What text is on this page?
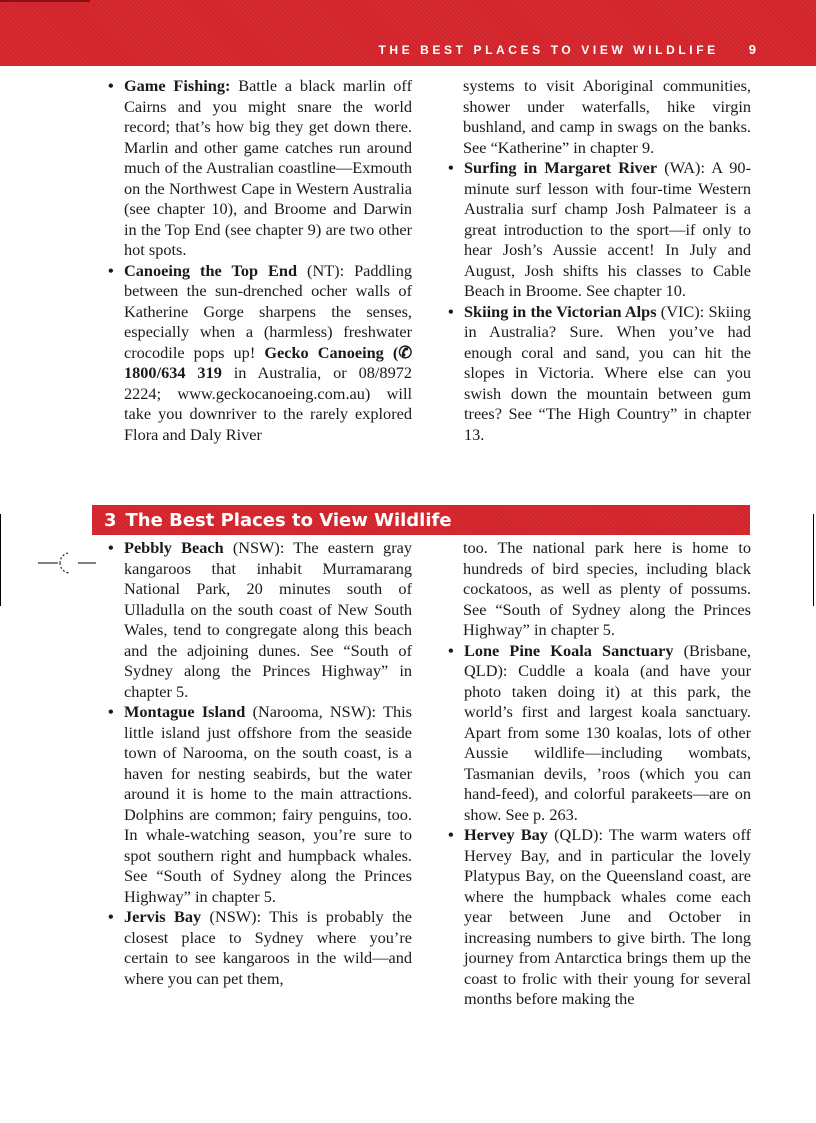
THE BEST PLACES TO VIEW WILDLIFE 9
• Game Fishing: Battle a black marlin off Cairns and you might snare the world record; that’s how big they get down there. Marlin and other game catches run around much of the Australian coastline—Exmouth on the Northwest Cape in Western Australia (see chapter 10), and Broome and Darwin in the Top End (see chapter 9) are two other hot spots.
• Canoeing the Top End (NT): Paddling between the sun-drenched ocher walls of Katherine Gorge sharpens the senses, especially when a (harmless) freshwater crocodile pops up! Gecko Canoeing (✆ 1800/634 319 in Australia, or 08/8972 2224; www.geckocanoeing.com.au) will take you downriver to the rarely explored Flora and Daly River
systems to visit Aboriginal communities, shower under waterfalls, hike virgin bushland, and camp in swags on the banks. See “Katherine” in chapter 9.
• Surfing in Margaret River (WA): A 90-minute surf lesson with four-time Western Australia surf champ Josh Palmateer is a great introduction to the sport—if only to hear Josh’s Aussie accent! In July and August, Josh shifts his classes to Cable Beach in Broome. See chapter 10.
• Skiing in the Victorian Alps (VIC): Skiing in Australia? Sure. When you’ve had enough coral and sand, you can hit the slopes in Victoria. Where else can you swish down the mountain between gum trees? See “The High Country” in chapter 13.
3 The Best Places to View Wildlife
• Pebbly Beach (NSW): The eastern gray kangaroos that inhabit Murramarang National Park, 20 minutes south of Ulladulla on the south coast of New South Wales, tend to congregate along this beach and the adjoining dunes. See “South of Sydney along the Princes Highway” in chapter 5.
• Montague Island (Narooma, NSW): This little island just offshore from the seaside town of Narooma, on the south coast, is a haven for nesting seabirds, but the water around it is home to the main attractions. Dolphins are common; fairy penguins, too. In whale-watching season, you’re sure to spot southern right and humpback whales. See “South of Sydney along the Princes Highway” in chapter 5.
• Jervis Bay (NSW): This is probably the closest place to Sydney where you’re certain to see kangaroos in the wild—and where you can pet them,
too. The national park here is home to hundreds of bird species, including black cockatoos, as well as plenty of possums. See “South of Sydney along the Princes Highway” in chapter 5.
• Lone Pine Koala Sanctuary (Brisbane, QLD): Cuddle a koala (and have your photo taken doing it) at this park, the world’s first and largest koala sanctuary. Apart from some 130 koalas, lots of other Aussie wildlife—including wombats, Tasmanian devils, ’roos (which you can hand-feed), and colorful parakeets—are on show. See p. 263.
• Hervey Bay (QLD): The warm waters off Hervey Bay, and in particular the lovely Platypus Bay, on the Queensland coast, are where the humpback whales come each year between June and October in increasing numbers to give birth. The long journey from Antarctica brings them up the coast to frolic with their young for several months before making the
